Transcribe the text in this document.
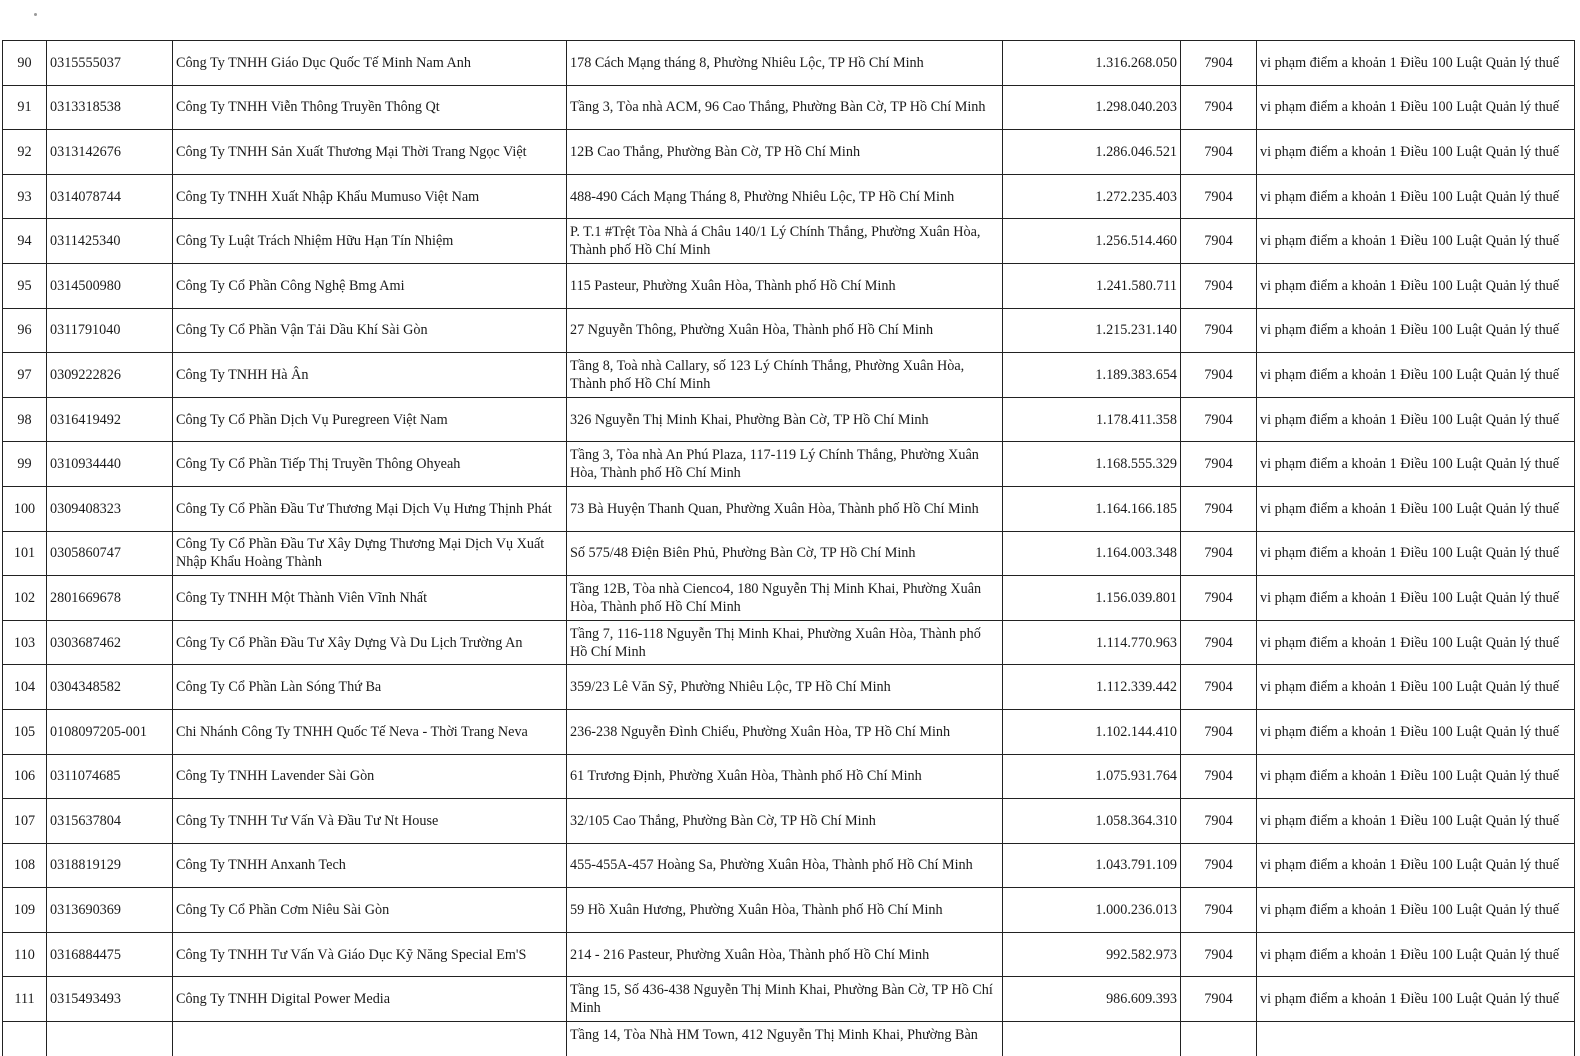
90	0315555037	Công Ty TNHH Giáo Dục Quốc Tế Minh Nam Anh	178 Cách Mạng tháng 8, Phường Nhiêu Lộc, TP Hồ Chí Minh	1.316.268.050	7904	vi phạm điểm a khoản 1 Điều 100 Luật Quản lý thuế
91	0313318538	Công Ty TNHH Viễn Thông Truyền Thông Qt	Tầng 3, Tòa nhà ACM, 96 Cao Thắng, Phường Bàn Cờ, TP Hồ Chí Minh	1.298.040.203	7904	vi phạm điểm a khoản 1 Điều 100 Luật Quản lý thuế
92	0313142676	Công Ty TNHH Sản Xuất Thương Mại Thời Trang Ngọc Việt	12B Cao Thắng, Phường Bàn Cờ, TP Hồ Chí Minh	1.286.046.521	7904	vi phạm điểm a khoản 1 Điều 100 Luật Quản lý thuế
93	0314078744	Công Ty TNHH Xuất Nhập Khẩu Mumuso Việt Nam	488-490 Cách Mạng Tháng 8, Phường Nhiêu Lộc, TP Hồ Chí Minh	1.272.235.403	7904	vi phạm điểm a khoản 1 Điều 100 Luật Quản lý thuế
94	0311425340	Công Ty Luật Trách Nhiệm Hữu Hạn Tín Nhiệm	P. T.1 #Trệt Tòa Nhà á Châu 140/1 Lý Chính Thắng, Phường Xuân Hòa, Thành phố Hồ Chí Minh	1.256.514.460	7904	vi phạm điểm a khoản 1 Điều 100 Luật Quản lý thuế
95	0314500980	Công Ty Cổ Phần Công Nghệ Bmg Ami	115 Pasteur, Phường Xuân Hòa, Thành phố Hồ Chí Minh	1.241.580.711	7904	vi phạm điểm a khoản 1 Điều 100 Luật Quản lý thuế
96	0311791040	Công Ty Cổ Phần Vận Tải Dầu Khí Sài Gòn	27 Nguyễn Thông, Phường Xuân Hòa, Thành phố Hồ Chí Minh	1.215.231.140	7904	vi phạm điểm a khoản 1 Điều 100 Luật Quản lý thuế
97	0309222826	Công Ty TNHH Hà Ân	Tầng 8, Toà nhà Callary, số 123 Lý Chính Thắng, Phường Xuân Hòa, Thành phố Hồ Chí Minh	1.189.383.654	7904	vi phạm điểm a khoản 1 Điều 100 Luật Quản lý thuế
98	0316419492	Công Ty Cổ Phần Dịch Vụ Puregreen Việt Nam	326 Nguyễn Thị Minh Khai, Phường Bàn Cờ, TP Hồ Chí Minh	1.178.411.358	7904	vi phạm điểm a khoản 1 Điều 100 Luật Quản lý thuế
99	0310934440	Công Ty Cổ Phần Tiếp Thị Truyền Thông Ohyeah	Tầng 3, Tòa nhà An Phú Plaza, 117-119 Lý Chính Thắng, Phường Xuân Hòa, Thành phố Hồ Chí Minh	1.168.555.329	7904	vi phạm điểm a khoản 1 Điều 100 Luật Quản lý thuế
100	0309408323	Công Ty Cổ Phần Đầu Tư Thương Mại Dịch Vụ Hưng Thịnh Phát	73 Bà Huyện Thanh Quan, Phường Xuân Hòa, Thành phố Hồ Chí Minh	1.164.166.185	7904	vi phạm điểm a khoản 1 Điều 100 Luật Quản lý thuế
101	0305860747	Công Ty Cổ Phần Đầu Tư Xây Dựng Thương Mại Dịch Vụ Xuất Nhập Khẩu Hoàng Thành	Số 575/48 Điện Biên Phủ, Phường Bàn Cờ, TP Hồ Chí Minh	1.164.003.348	7904	vi phạm điểm a khoản 1 Điều 100 Luật Quản lý thuế
102	2801669678	Công Ty TNHH Một Thành Viên Vĩnh Nhất	Tầng 12B, Tòa nhà Cienco4, 180 Nguyễn Thị Minh Khai, Phường Xuân Hòa, Thành phố Hồ Chí Minh	1.156.039.801	7904	vi phạm điểm a khoản 1 Điều 100 Luật Quản lý thuế
103	0303687462	Công Ty Cổ Phần Đầu Tư Xây Dựng Và Du Lịch Trường An	Tầng 7, 116-118 Nguyễn Thị Minh Khai, Phường Xuân Hòa, Thành phố Hồ Chí Minh	1.114.770.963	7904	vi phạm điểm a khoản 1 Điều 100 Luật Quản lý thuế
104	0304348582	Công Ty Cổ Phần Làn Sóng Thứ Ba	359/23 Lê Văn Sỹ, Phường Nhiêu Lộc, TP Hồ Chí Minh	1.112.339.442	7904	vi phạm điểm a khoản 1 Điều 100 Luật Quản lý thuế
105	0108097205-001	Chi Nhánh Công Ty TNHH Quốc Tế Neva - Thời Trang Neva	236-238 Nguyễn Đình Chiểu, Phường Xuân Hòa, TP Hồ Chí Minh	1.102.144.410	7904	vi phạm điểm a khoản 1 Điều 100 Luật Quản lý thuế
106	0311074685	Công Ty TNHH Lavender Sài Gòn	61 Trương Định, Phường Xuân Hòa, Thành phố Hồ Chí Minh	1.075.931.764	7904	vi phạm điểm a khoản 1 Điều 100 Luật Quản lý thuế
107	0315637804	Công Ty TNHH Tư Vấn Và Đầu Tư Nt House	32/105 Cao Thắng, Phường Bàn Cờ, TP Hồ Chí Minh	1.058.364.310	7904	vi phạm điểm a khoản 1 Điều 100 Luật Quản lý thuế
108	0318819129	Công Ty TNHH Anxanh Tech	455-455A-457 Hoàng Sa, Phường Xuân Hòa, Thành phố Hồ Chí Minh	1.043.791.109	7904	vi phạm điểm a khoản 1 Điều 100 Luật Quản lý thuế
109	0313690369	Công Ty Cổ Phần Cơm Niêu Sài Gòn	59 Hồ Xuân Hương, Phường Xuân Hòa, Thành phố Hồ Chí Minh	1.000.236.013	7904	vi phạm điểm a khoản 1 Điều 100 Luật Quản lý thuế
110	0316884475	Công Ty TNHH Tư Vấn Và Giáo Dục Kỹ Năng Special Em'S	214 - 216 Pasteur, Phường Xuân Hòa, Thành phố Hồ Chí Minh	992.582.973	7904	vi phạm điểm a khoản 1 Điều 100 Luật Quản lý thuế
111	0315493493	Công Ty TNHH Digital Power Media	Tầng 15, Số 436-438 Nguyễn Thị Minh Khai, Phường Bàn Cờ, TP Hồ Chí Minh	986.609.393	7904	vi phạm điểm a khoản 1 Điều 100 Luật Quản lý thuế
			Tầng 14, Tòa Nhà HM Town, 412 Nguyễn Thị Minh Khai, Phường Bàn			
